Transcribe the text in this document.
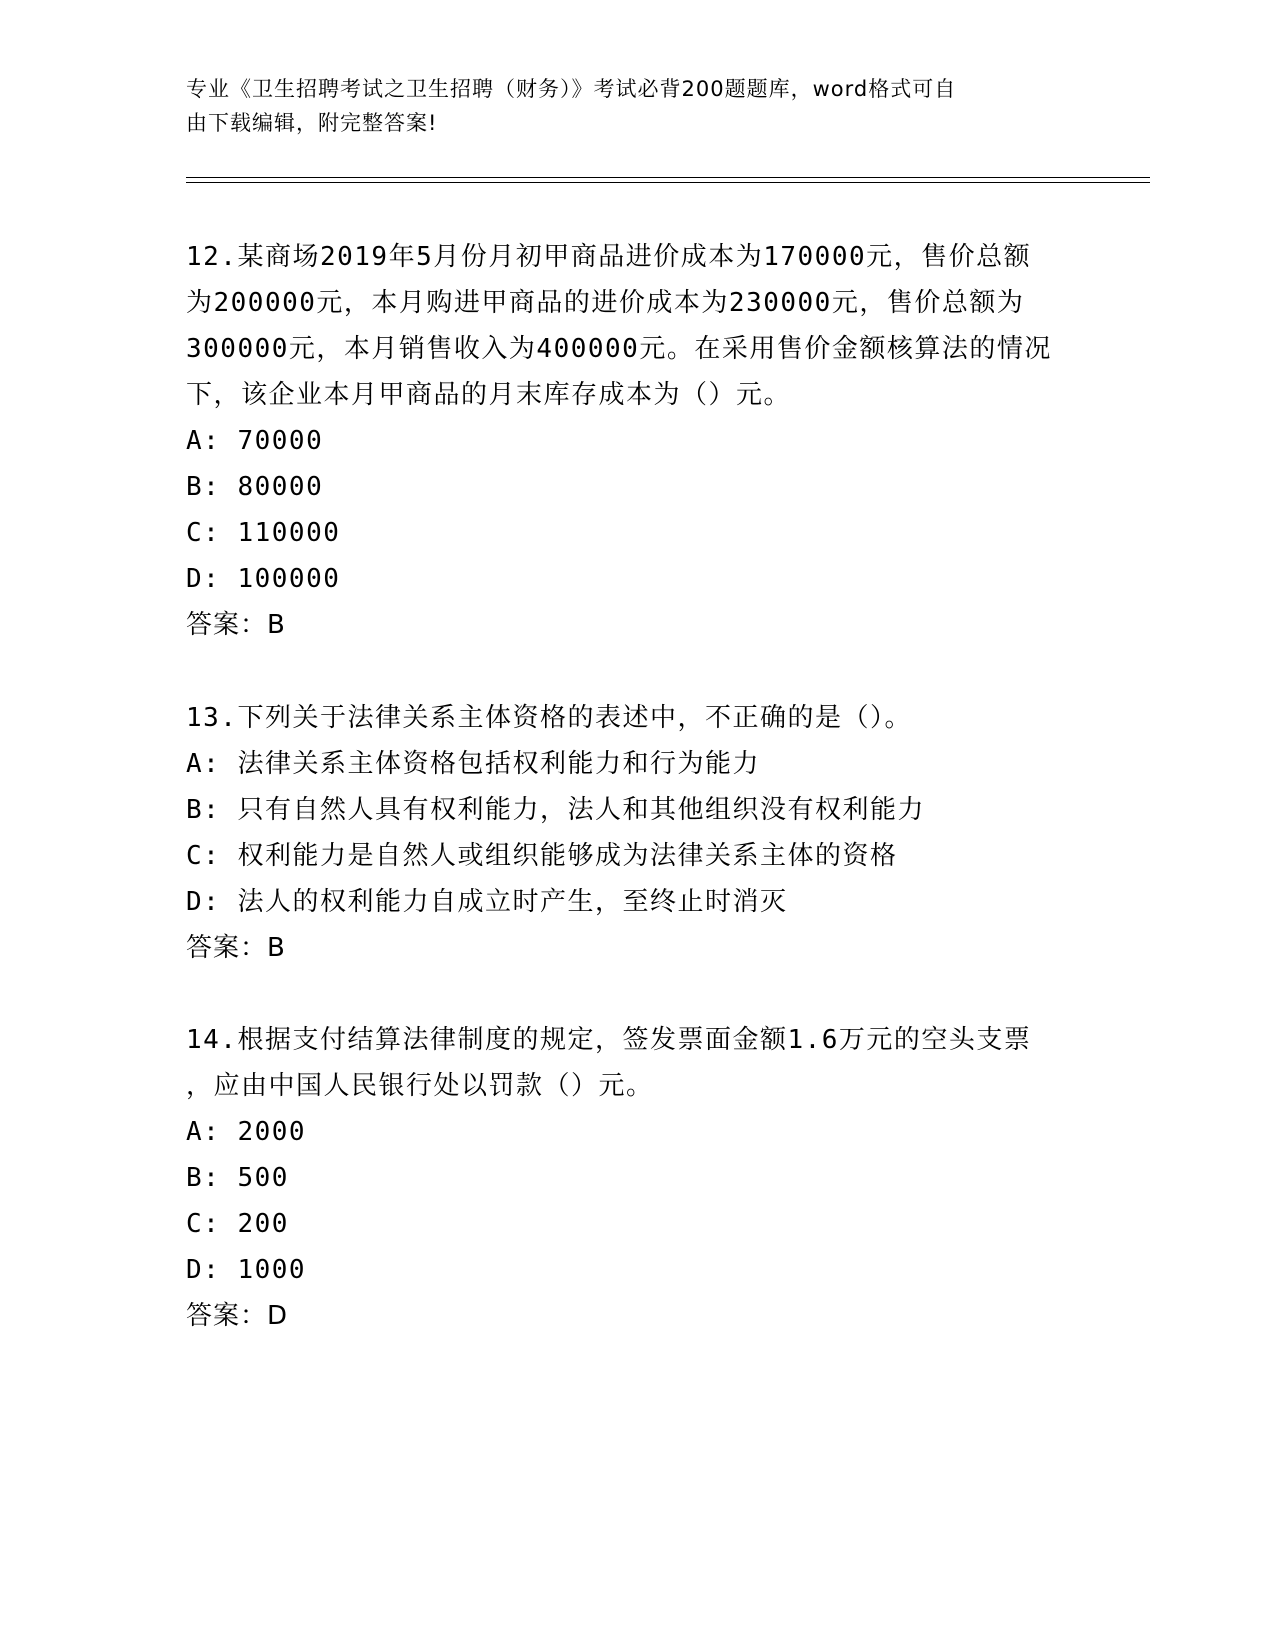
专业《卫生招聘考试之卫生招聘（财务）》考试必背200题题库，word格式可自
由下载编辑，附完整答案!
12.某商场2019年5月份月初甲商品进价成本为170000元，售价总额
为200000元，本月购进甲商品的进价成本为230000元，售价总额为
300000元，本月销售收入为400000元。在采用售价金额核算法的情况
下，该企业本月甲商品的月末库存成本为（）元。
A: 70000
B: 80000
C: 110000
D: 100000
答案：B
13.下列关于法律关系主体资格的表述中，不正确的是（）。
A: 法律关系主体资格包括权利能力和行为能力
B: 只有自然人具有权利能力，法人和其他组织没有权利能力
C: 权利能力是自然人或组织能够成为法律关系主体的资格
D: 法人的权利能力自成立时产生，至终止时消灭
答案：B
14.根据支付结算法律制度的规定，签发票面金额1.6万元的空头支票
，应由中国人民银行处以罚款（）元。
A: 2000
B: 500
C: 200
D: 1000
答案：D
